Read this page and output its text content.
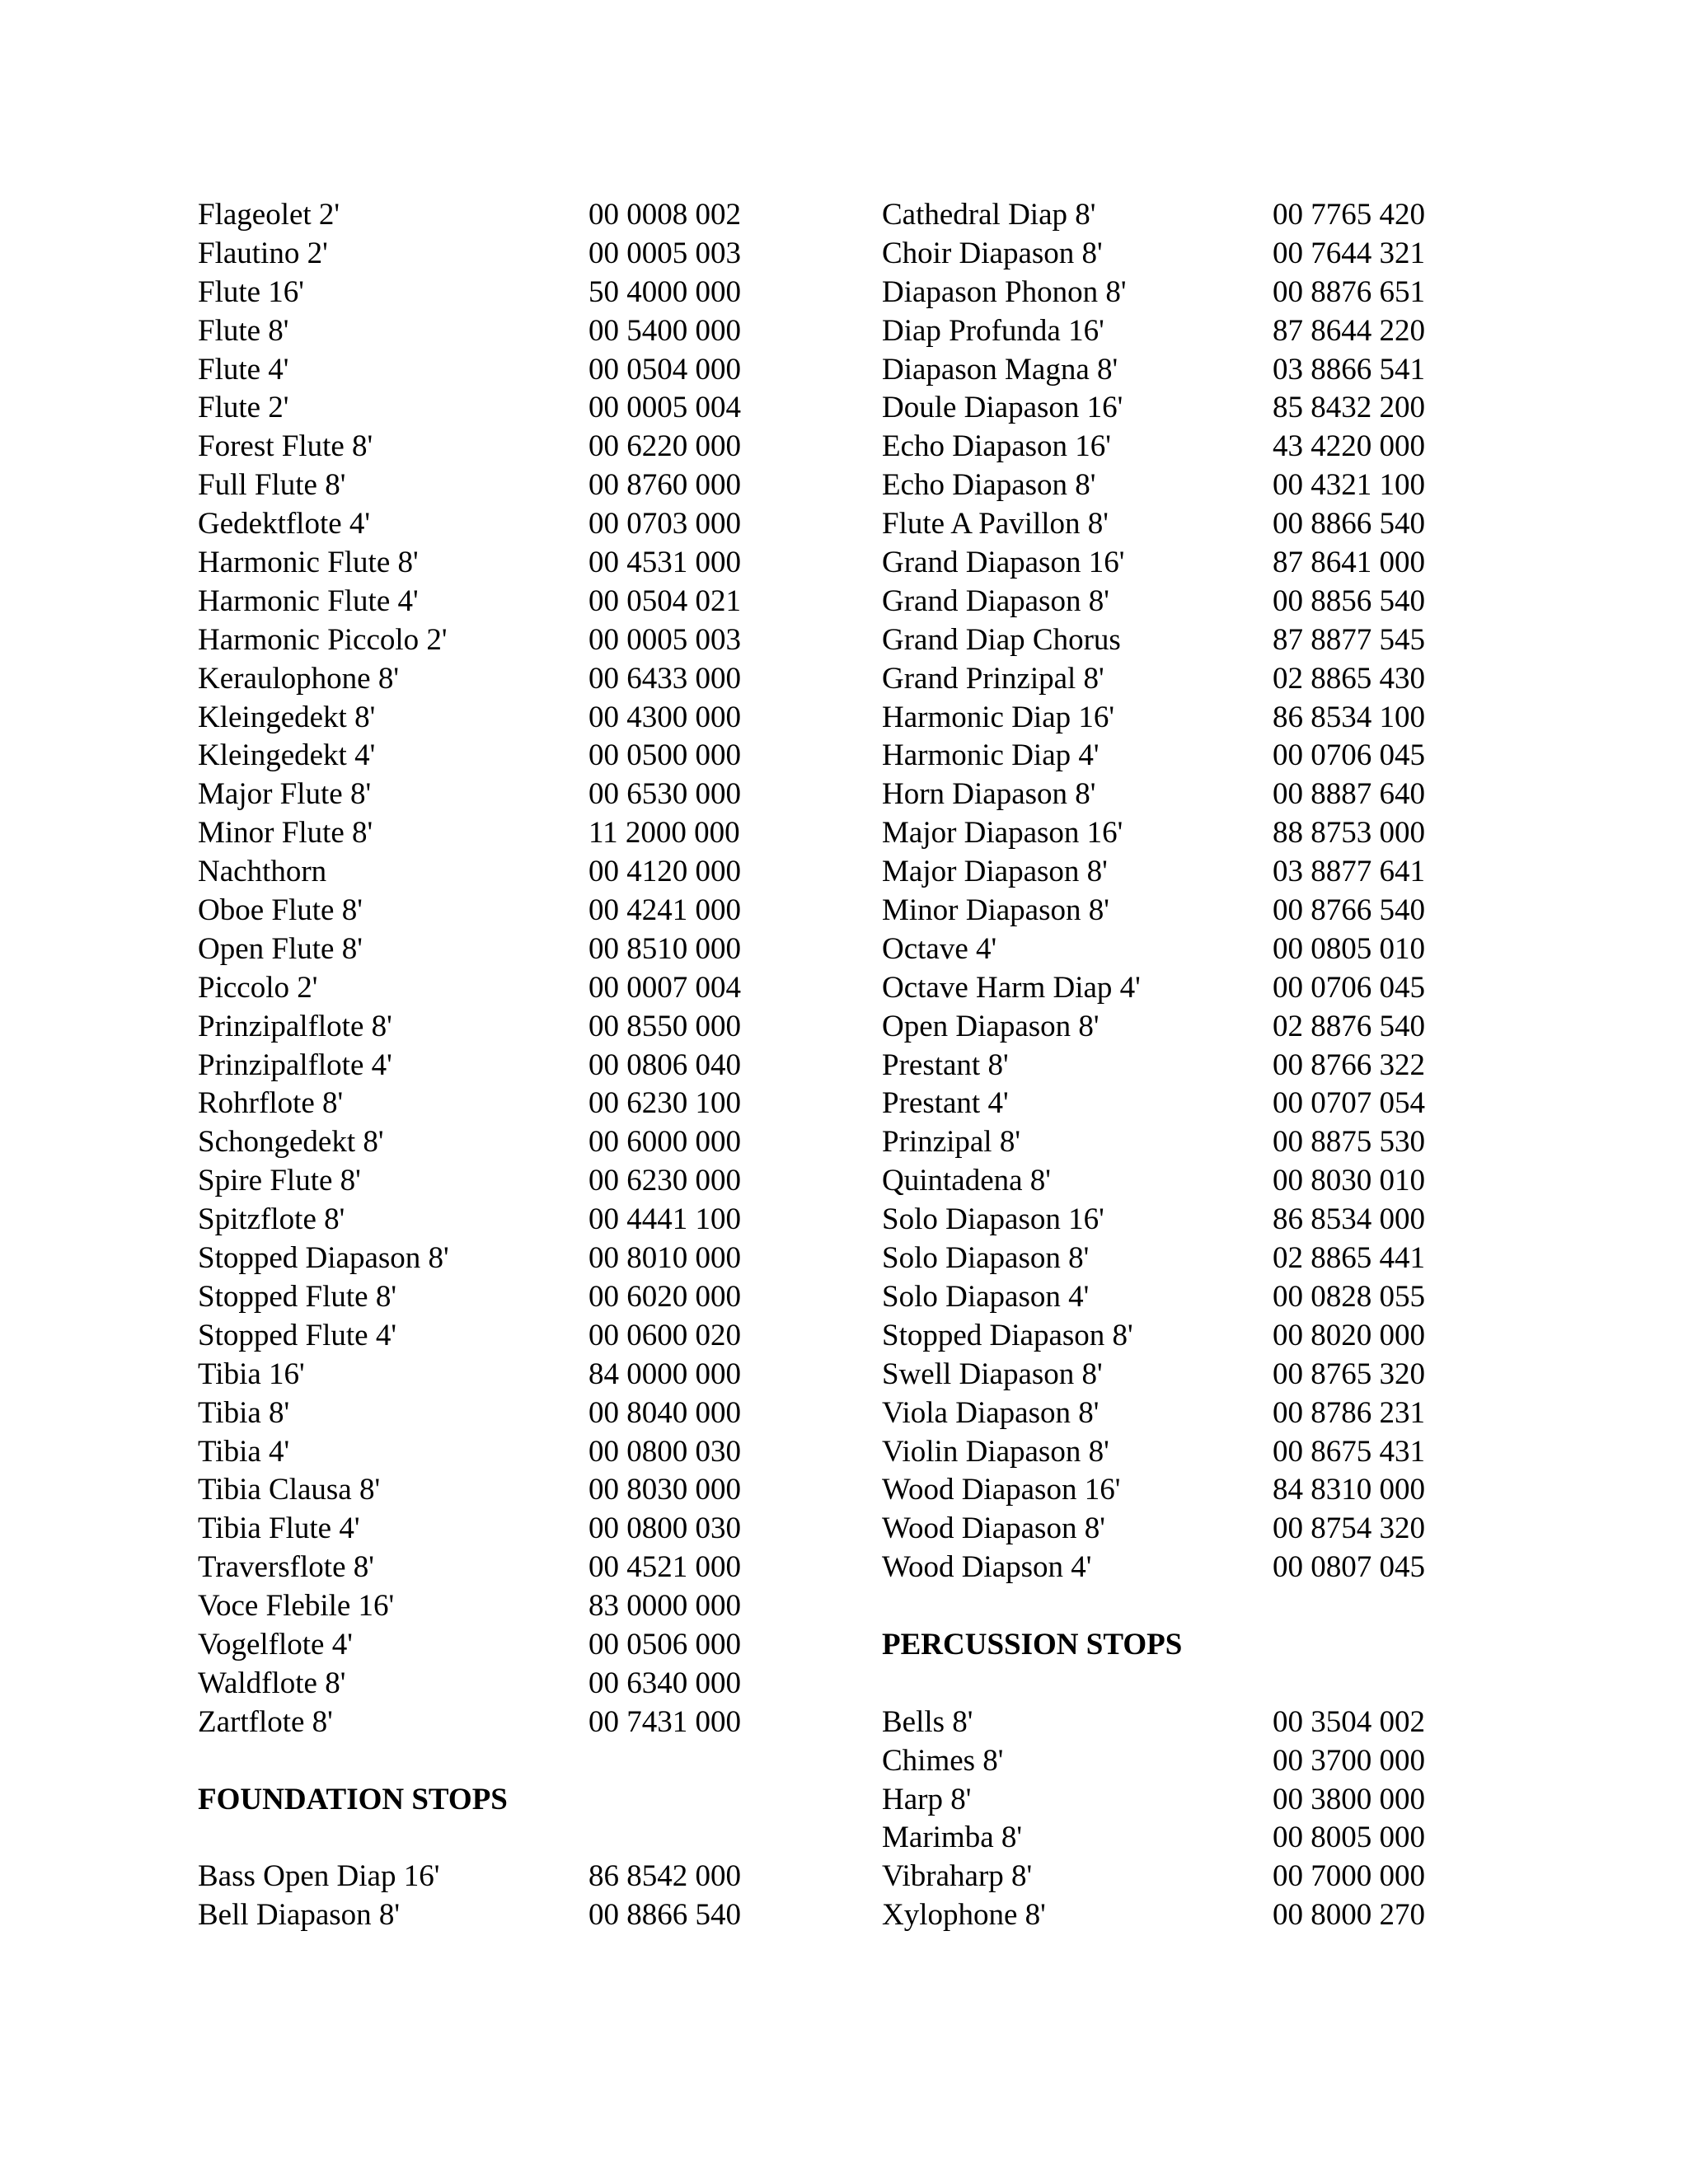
Flageolet 2'	00 0008 002
Flautino 2'	00 0005 003
Flute 16'	50 4000 000
Flute 8'	00 5400 000
Flute 4'	00 0504 000
Flute 2'	00 0005 004
Forest Flute 8'	00 6220 000
Full Flute 8'	00 8760 000
Gedektflote 4'	00 0703 000
Harmonic Flute 8'	00 4531 000
Harmonic Flute 4'	00 0504 021
Harmonic Piccolo 2'	00 0005 003
Keraulophone 8'	00 6433 000
Kleingedekt 8'	00 4300 000
Kleingedekt 4'	00 0500 000
Major Flute 8'	00 6530 000
Minor Flute 8'	11 2000 000
Nachthorn	00 4120 000
Oboe Flute 8'	00 4241 000
Open Flute 8'	00 8510 000
Piccolo 2'	00 0007 004
Prinzipalflote 8'	00 8550 000
Prinzipalflote 4'	00 0806 040
Rohrflote 8'	00 6230 100
Schongedekt 8'	00 6000 000
Spire Flute 8'	00 6230 000
Spitzflote 8'	00 4441 100
Stopped Diapason 8'	00 8010 000
Stopped Flute 8'	00 6020 000
Stopped Flute 4'	00 0600 020
Tibia 16'	84 0000 000
Tibia 8'	00 8040 000
Tibia 4'	00 0800 030
Tibia Clausa 8'	00 8030 000
Tibia Flute 4'	00 0800 030
Traversflote 8'	00 4521 000
Voce Flebile 16'	83 0000 000
Vogelflote 4'	00 0506 000
Waldflote 8'	00 6340 000
Zartflote 8'	00 7431 000
FOUNDATION STOPS
Bass Open Diap 16'	86 8542 000
Bell Diapason 8'	00 8866 540
Cathedral Diap 8'	00 7765 420
Choir Diapason 8'	00 7644 321
Diapason Phonon 8'	00 8876 651
Diap Profunda 16'	87 8644 220
Diapason Magna 8'	03 8866 541
Doule Diapason 16'	85 8432 200
Echo Diapason 16'	43 4220 000
Echo Diapason 8'	00 4321 100
Flute A Pavillon 8'	00 8866 540
Grand Diapason 16'	87 8641 000
Grand Diapason 8'	00 8856 540
Grand Diap Chorus	87 8877 545
Grand Prinzipal 8'	02 8865 430
Harmonic Diap 16'	86 8534 100
Harmonic Diap 4'	00 0706 045
Horn Diapason 8'	00 8887 640
Major Diapason 16'	88 8753 000
Major Diapason 8'	03 8877 641
Minor Diapason 8'	00 8766 540
Octave 4'	00 0805 010
Octave Harm Diap 4'	00 0706 045
Open Diapason 8'	02 8876 540
Prestant 8'	00 8766 322
Prestant 4'	00 0707 054
Prinzipal 8'	00 8875 530
Quintadena 8'	00 8030 010
Solo Diapason 16'	86 8534 000
Solo Diapason 8'	02 8865 441
Solo Diapason 4'	00 0828 055
Stopped Diapason 8'	00 8020 000
Swell Diapason 8'	00 8765 320
Viola Diapason 8'	00 8786 231
Violin Diapason 8'	00 8675 431
Wood Diapason 16'	84 8310 000
Wood Diapason 8'	00 8754 320
Wood Diapson 4'	00 0807 045
PERCUSSION STOPS
Bells 8'	00 3504 002
Chimes 8'	00 3700 000
Harp 8'	00 3800 000
Marimba 8'	00 8005 000
Vibraharp 8'	00 7000 000
Xylophone 8'	00 8000 270
